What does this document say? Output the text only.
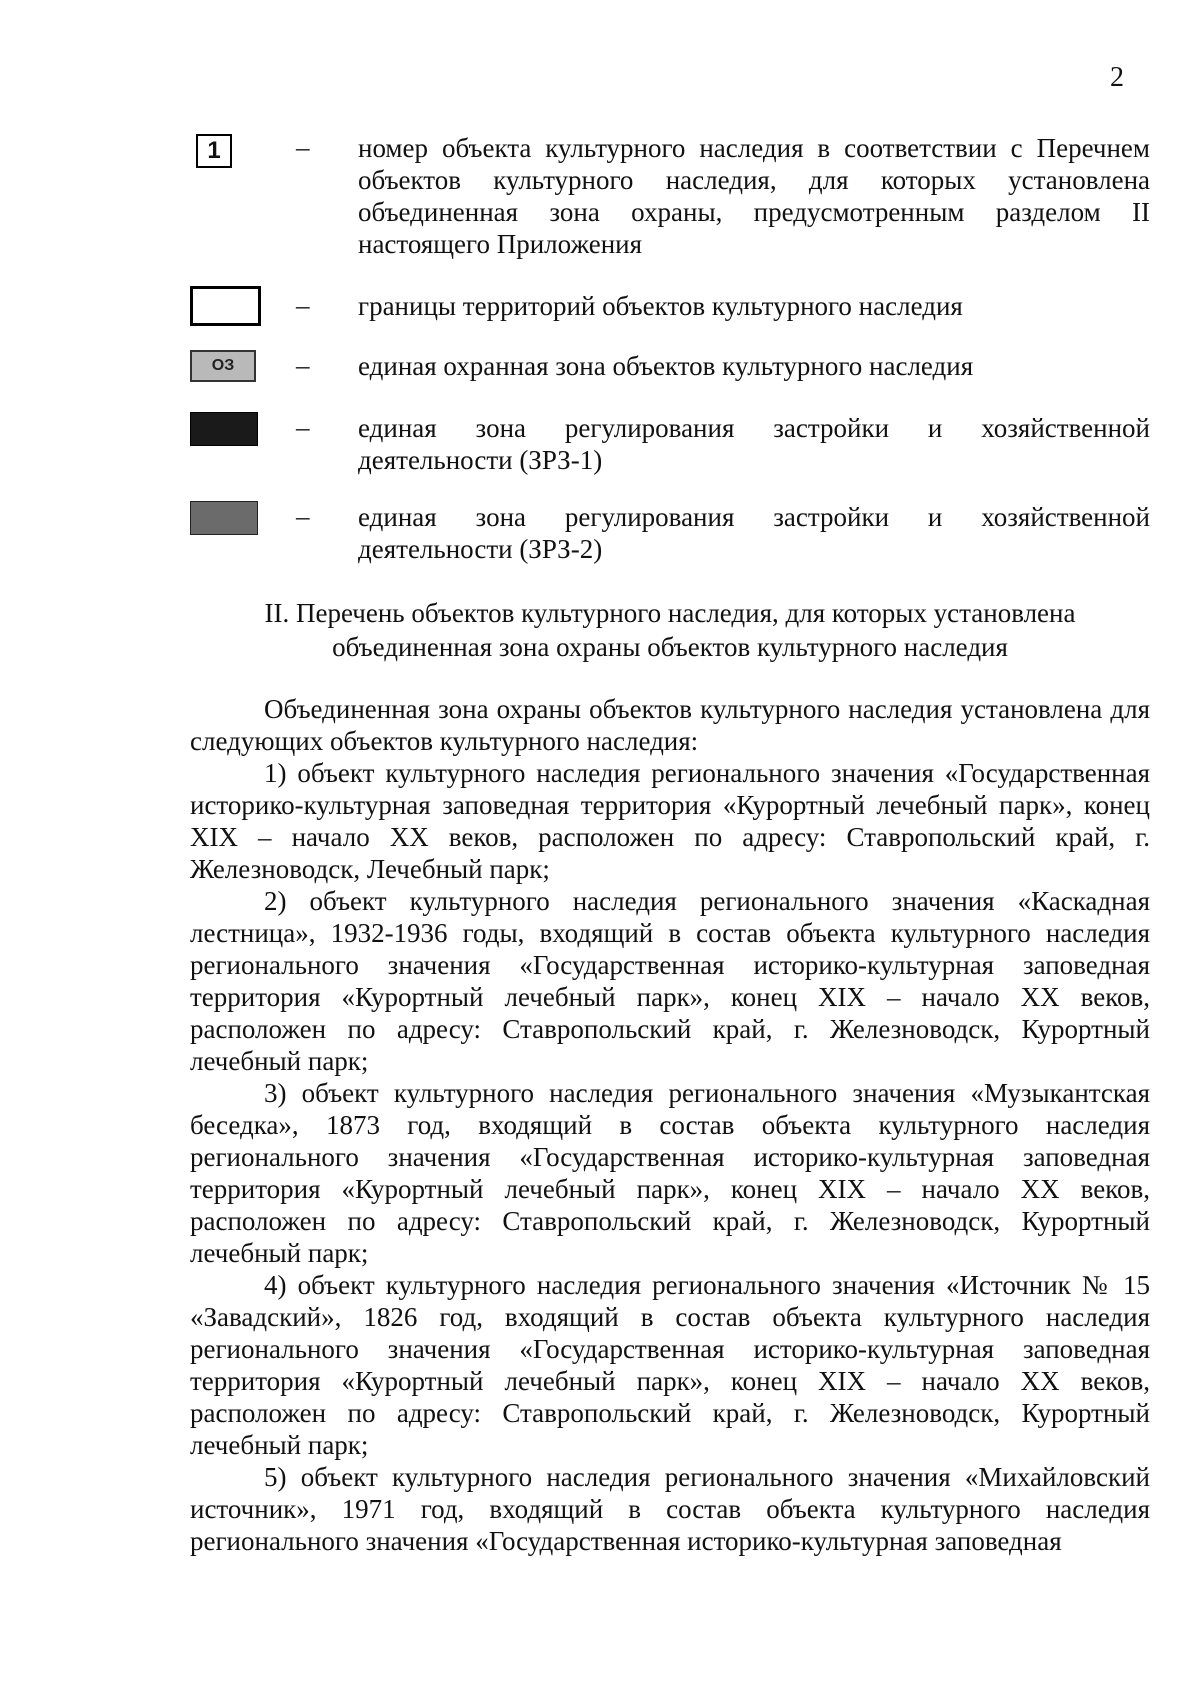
2
1	– номер объекта культурного наследия в соответствии с Перечнем объектов культурного наследия, для которых установлена объединенная зона охраны, предусмотренным разделом II настоящего Приложения
– границы территорий объектов культурного наследия
ОЗ	– единая охранная зона объектов культурного наследия
– единая зона регулирования застройки и хозяйственной деятельности (ЗРЗ-1)
– единая зона регулирования застройки и хозяйственной деятельности (ЗРЗ-2)
II. Перечень объектов культурного наследия, для которых установлена
объединенная зона охраны объектов культурного наследия

Объединенная зона охраны объектов культурного наследия установлена для следующих объектов культурного наследия:

1) объект культурного наследия регионального значения «Государственная историко-культурная заповедная территория «Курортный лечебный парк», конец XIX – начало XX веков, расположен по адресу: Ставропольский край, г. Железноводск, Лечебный парк;

2) объект культурного наследия регионального значения «Каскадная лестница», 1932-1936 годы, входящий в состав объекта культурного наследия регионального значения «Государственная историко-культурная заповедная территория «Курортный лечебный парк», конец XIX – начало XX веков, расположен по адресу: Ставропольский край, г. Железноводск, Курортный лечебный парк;

3) объект культурного наследия регионального значения «Музыкантская беседка», 1873 год, входящий в состав объекта культурного наследия регионального значения «Государственная историко-культурная заповедная территория «Курортный лечебный парк», конец XIX – начало XX веков, расположен по адресу: Ставропольский край, г. Железноводск, Курортный лечебный парк;

4) объект культурного наследия регионального значения «Источник № 15 «Завадский», 1826 год, входящий в состав объекта культурного наследия регионального значения «Государственная историко-культурная заповедная территория «Курортный лечебный парк», конец XIX – начало XX веков, расположен по адресу: Ставропольский край, г. Железноводск, Курортный лечебный парк;

5) объект культурного наследия регионального значения «Михайловский источник», 1971 год, входящий в состав объекта культурного наследия регионального значения «Государственная историко-культурная заповедная
